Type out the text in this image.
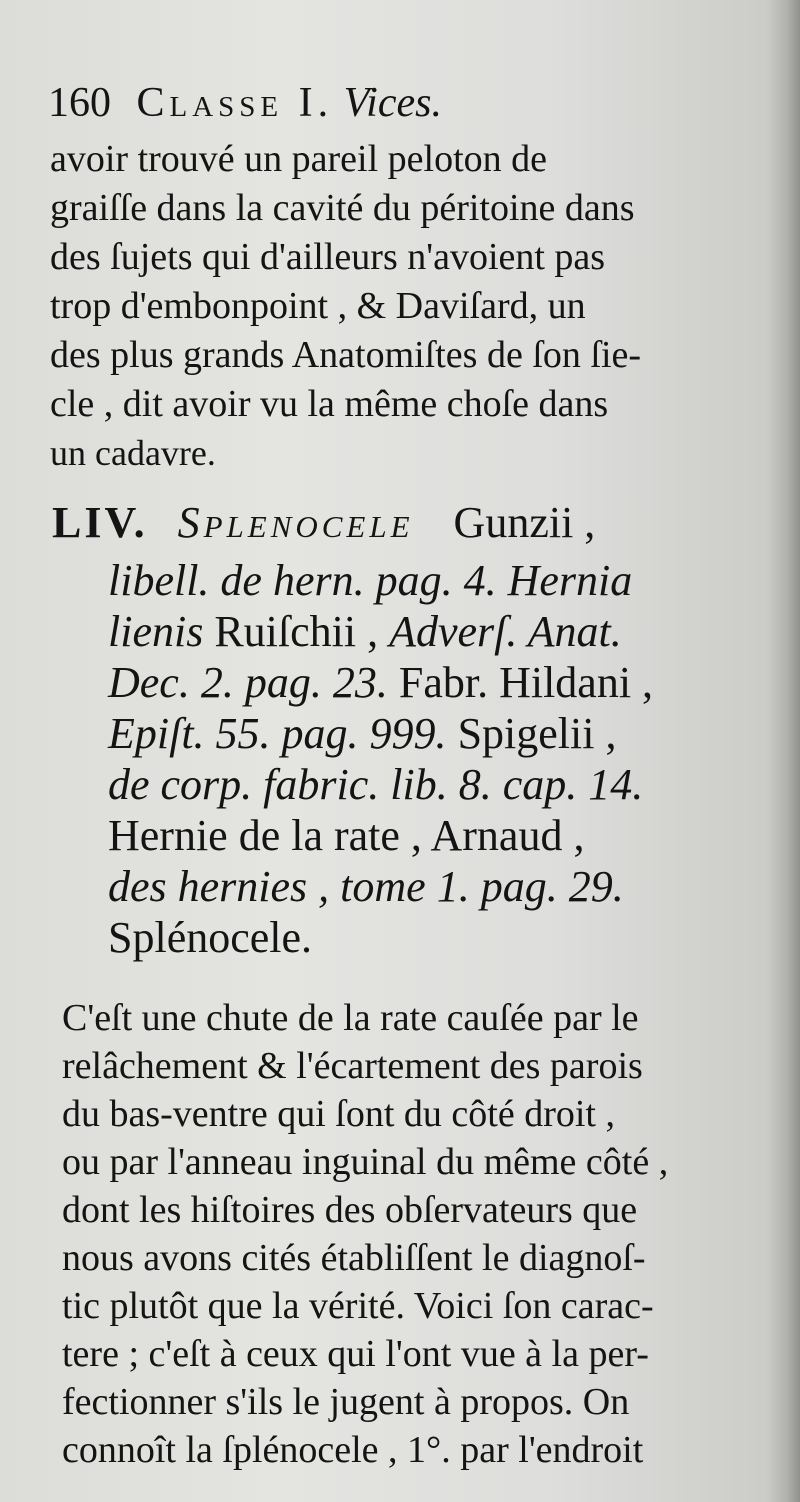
160 Classe I. Vices.
avoir trouvé un pareil peloton de
graiſſe dans la cavité du péritoine dans
des ſujets qui d'ailleurs n'avoient pas
trop d'embonpoint , & Daviſard, un
des plus grands Anatomiſtes de ſon ſie-
cle , dit avoir vu la même choſe dans
un cadavre.
LIV. Splenocele Gunzii ,
libell. de hern. pag. 4. Hernia
lienis Ruiſchii , Adverſ. Anat.
Dec. 2. pag. 23. Fabr. Hildani ,
Epiſt. 55. pag. 999. Spigelii ,
de corp. fabric. lib. 8. cap. 14.
Hernie de la rate , Arnaud ,
des hernies , tome 1. pag. 29.
Splénocele.
C'eſt une chute de la rate cauſée par le
relâchement & l'écartement des parois
du bas-ventre qui ſont du côté droit ,
ou par l'anneau inguinal du même côté ,
dont les hiſtoires des obſervateurs que
nous avons cités établiſſent le diagnoſ-
tic plutôt que la vérité. Voici ſon carac-
tere ; c'eſt à ceux qui l'ont vue à la per-
fectionner s'ils le jugent à propos. On
connoît la ſplénocele , 1°. par l'endroit
